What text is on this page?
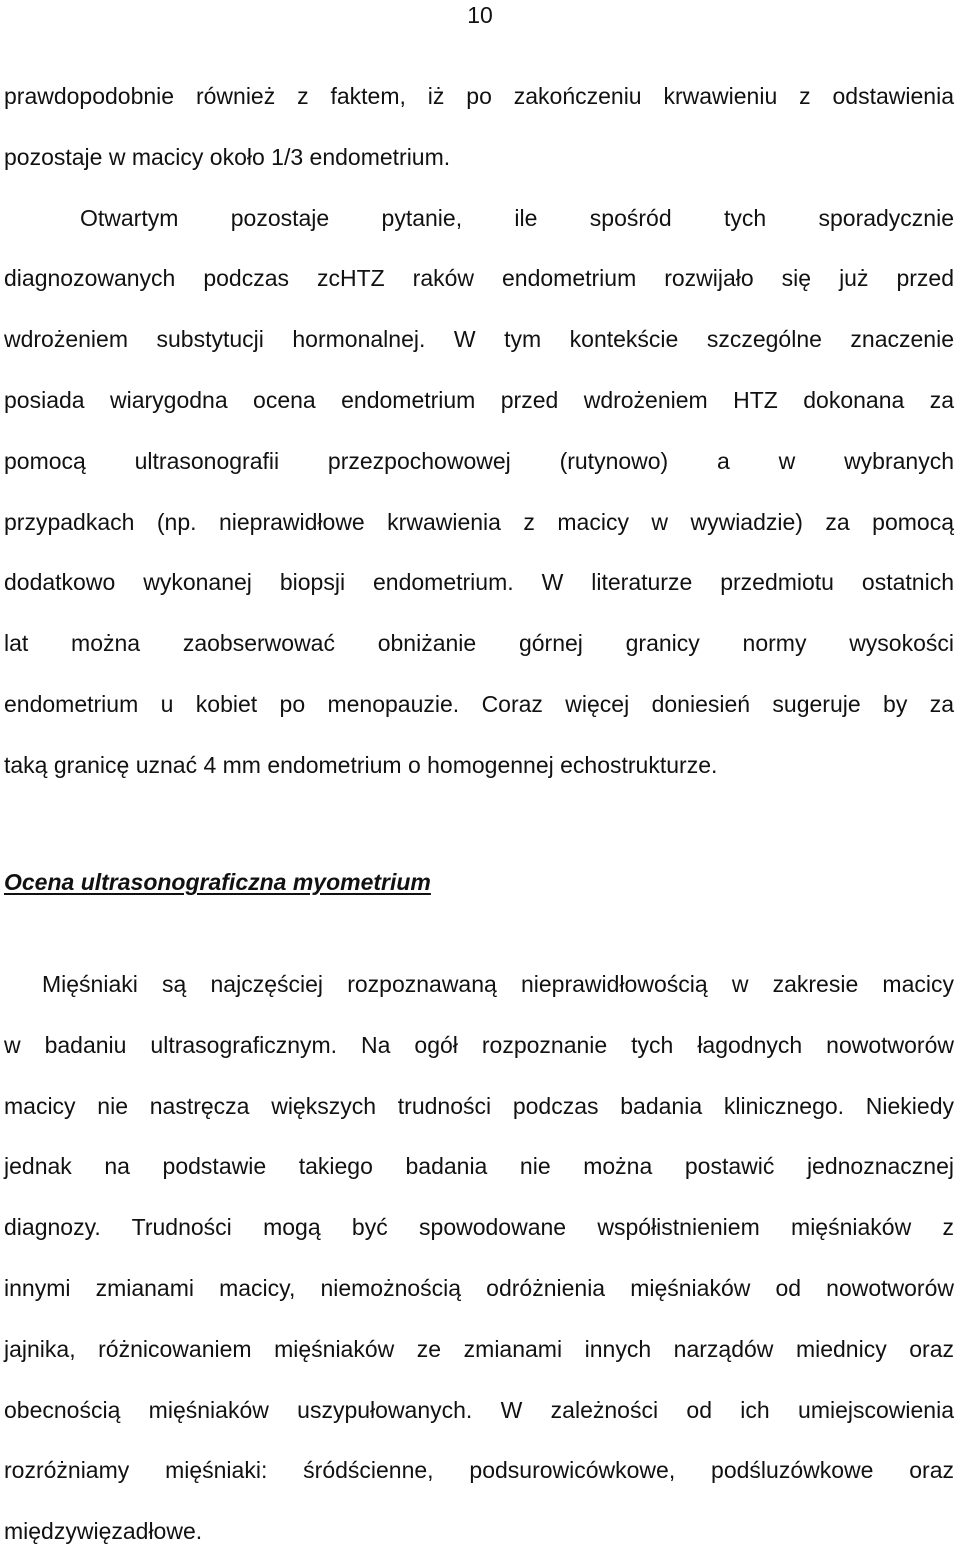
10
prawdopodobnie również z faktem, iż po zakończeniu krwawieniu z odstawienia
pozostaje w macicy około 1/3 endometrium.
Otwartym pozostaje pytanie, ile spośród tych sporadycznie
diagnozowanych podczas zcHTZ raków endometrium rozwijało się już przed
wdrożeniem substytucji hormonalnej. W tym kontekście szczególne znaczenie
posiada wiarygodna ocena endometrium przed wdrożeniem HTZ dokonana za
pomocą ultrasonografii przezpochowowej (rutynowo) a w wybranych
przypadkach (np. nieprawidłowe krwawienia z macicy w wywiadzie) za pomocą
dodatkowo wykonanej biopsji endometrium. W literaturze przedmiotu ostatnich
lat można zaobserwować obniżanie górnej granicy normy wysokości
endometrium u kobiet po menopauzie. Coraz więcej doniesień sugeruje by za
taką granicę uznać 4 mm endometrium o homogennej echostrukturze.
Ocena ultrasonograficzna myometrium
Mięśniaki są najczęściej rozpoznawaną nieprawidłowością w zakresie macicy
w badaniu ultrasograficznym. Na ogół rozpoznanie tych łagodnych nowotworów
macicy nie nastręcza większych trudności podczas badania klinicznego. Niekiedy
jednak na podstawie takiego badania nie można postawić jednoznacznej
diagnozy. Trudności mogą być spowodowane współistnieniem mięśniaków z
innymi zmianami macicy, niemożnością odróżnienia mięśniaków od nowotworów
jajnika, różnicowaniem mięśniaków ze zmianami innych narządów miednicy oraz
obecnością mięśniaków uszypułowanych. W zależności od ich umiejscowienia
rozróżniamy mięśniaki: śródścienne, podsurowicówkowe, podśluzówkowe oraz
międzywięzadłowe.
